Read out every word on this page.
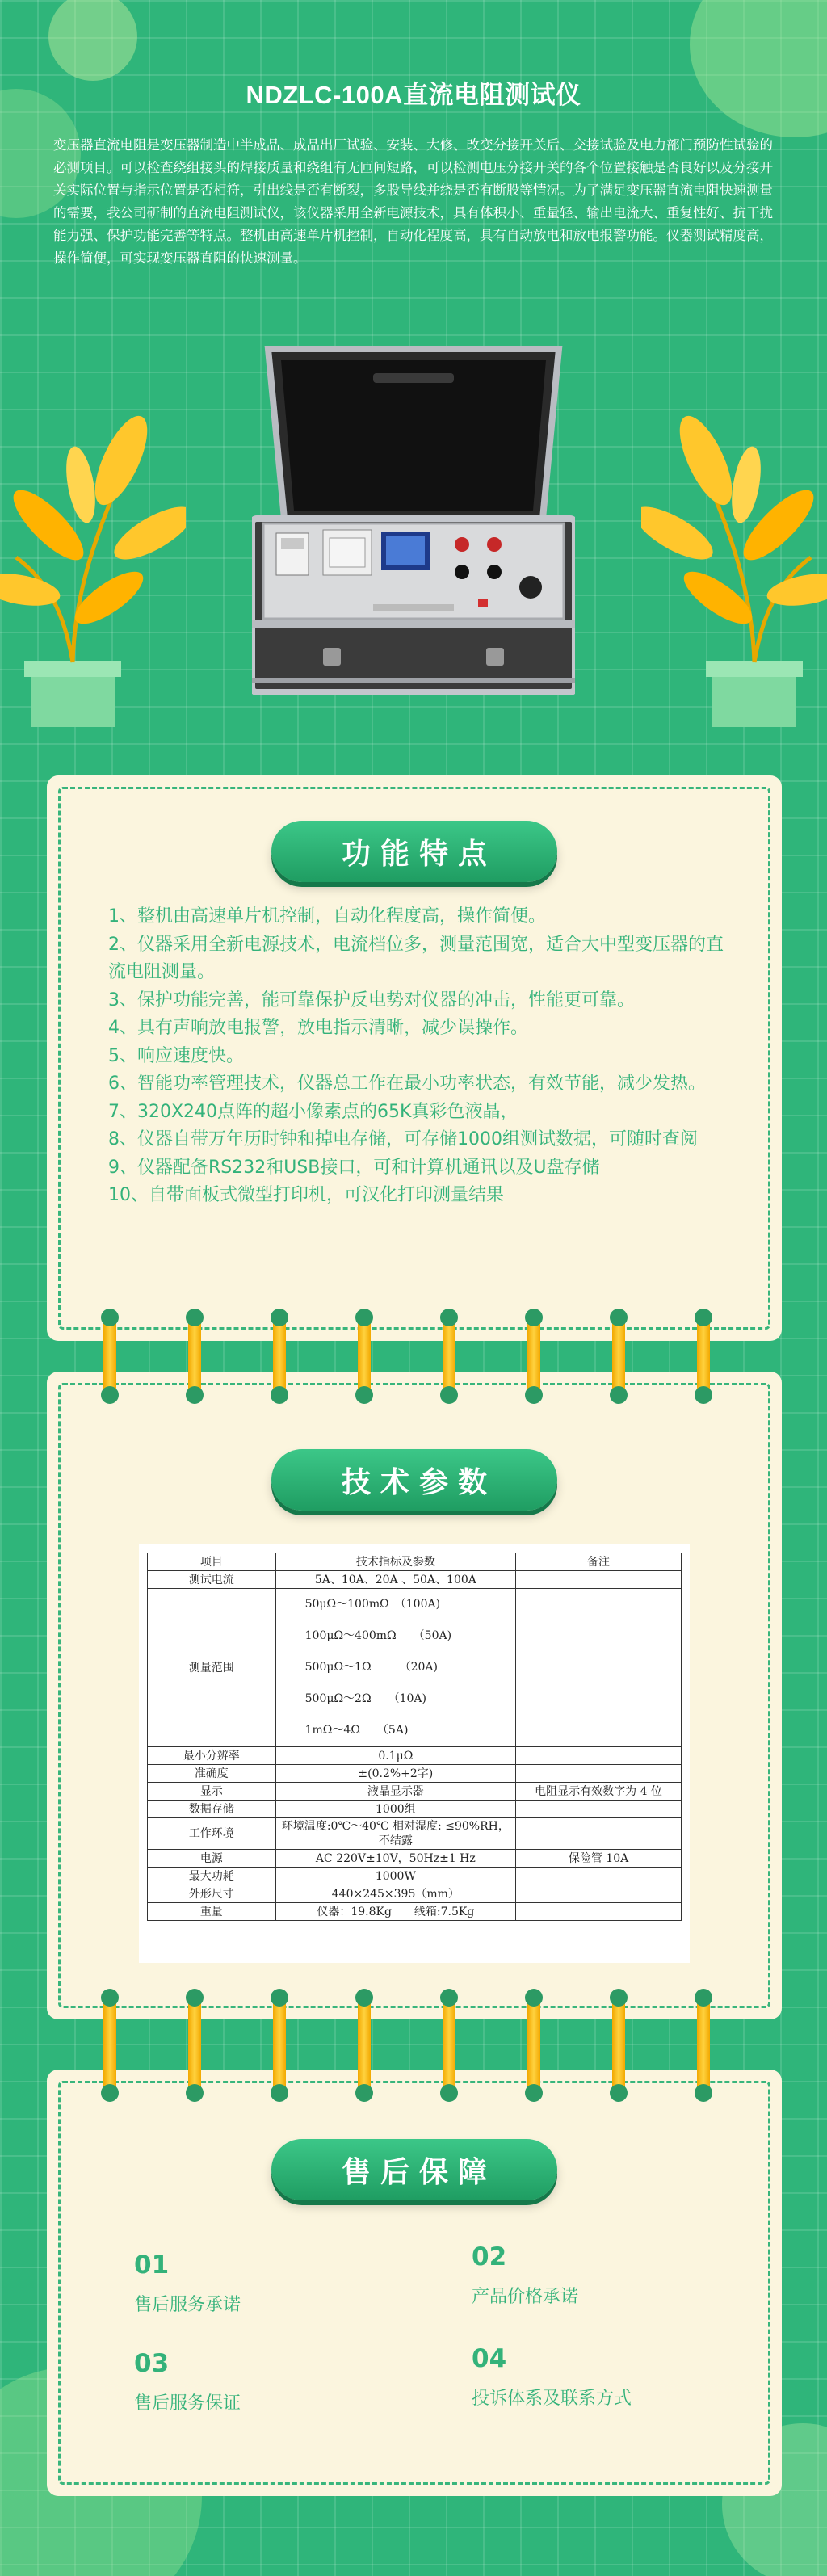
NDZLC-100A直流电阻测试仪
变压器直流电阻是变压器制造中半成品、成品出厂试验、安装、大修、改变分接开关后、交接试验及电力部门预防性试验的必测项目。可以检查绕组接头的焊接质量和绕组有无匝间短路，可以检测电压分接开关的各个位置接触是否良好以及分接开关实际位置与指示位置是否相符，引出线是否有断裂，多股导线并绕是否有断股等情况。为了满足变压器直流电阻快速测量的需要，我公司研制的直流电阻测试仪，该仪器采用全新电源技术，具有体积小、重量轻、输出电流大、重复性好、抗干扰能力强、保护功能完善等特点。整机由高速单片机控制，自动化程度高，具有自动放电和放电报警功能。仪器测试精度高，操作简便，可实现变压器直阻的快速测量。
功能特点
1、整机由高速单片机控制，自动化程度高，操作简便。
2、仪器采用全新电源技术，电流档位多，测量范围宽，适合大中型变压器的直流电阻测量。
3、保护功能完善，能可靠保护反电势对仪器的冲击，性能更可靠。
4、具有声响放电报警，放电指示清晰，减少误操作。
5、响应速度快。
6、智能功率管理技术，仪器总工作在最小功率状态，有效节能，减少发热。
7、320X240点阵的超小像素点的65K真彩色液晶，
8、仪器自带万年历时钟和掉电存储，可存储1000组测试数据，可随时查阅
9、仪器配备RS232和USB接口，可和计算机通讯以及U盘存储
10、自带面板式微型打印机，可汉化打印测量结果
技术参数
项目	技术指标及参数	备注
测试电流	5A、10A、20A 、50A、100A	
测量范围	50μΩ～100mΩ　（100A)
100μΩ～400mΩ　　（50A)
500μΩ～1Ω　　　（20A)
500μΩ～2Ω　　（10A)
1mΩ～4Ω　　（5A)	

最小分辨率	0.1μΩ	
准确度	±(0.2%+2字)	
显示	液晶显示器	电阻显示有效数字为 4 位
数据存储	1000组	
工作环境	环境温度:0℃～40℃ 相对湿度: ≤90%RH，不结露	
电源	AC 220V±10V，50Hz±1 Hz	保险管 10A
最大功耗	1000W	
外形尺寸	440×245×395（mm）	
重量	仪器：19.8Kg　　线箱:7.5Kg	
售后保障
01
售后服务承诺
02
产品价格承诺
03
售后服务保证
04
投诉体系及联系方式
